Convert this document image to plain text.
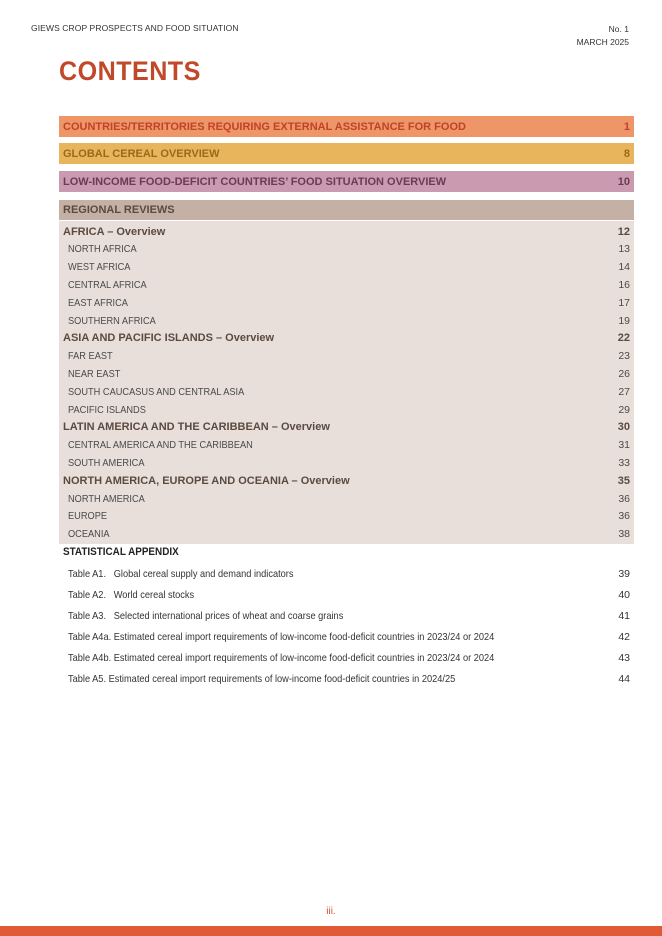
GIEWS CROP PROSPECTS AND FOOD SITUATION	No. 1
MARCH 2025
CONTENTS
COUNTRIES/TERRITORIES REQUIRING EXTERNAL ASSISTANCE FOR FOOD	1
GLOBAL CEREAL OVERVIEW	8
LOW-INCOME FOOD-DEFICIT COUNTRIES’ FOOD SITUATION OVERVIEW	10
REGIONAL REVIEWS
AFRICA – Overview	12
NORTH AFRICA	13
WEST AFRICA	14
CENTRAL AFRICA	16
EAST AFRICA	17
SOUTHERN AFRICA	19
ASIA AND PACIFIC ISLANDS – Overview	22
FAR EAST	23
NEAR EAST	26
SOUTH CAUCASUS AND CENTRAL ASIA	27
PACIFIC ISLANDS	29
LATIN AMERICA AND THE CARIBBEAN – Overview	30
CENTRAL AMERICA AND THE CARIBBEAN	31
SOUTH AMERICA	33
NORTH AMERICA, EUROPE AND OCEANIA – Overview	35
NORTH AMERICA	36
EUROPE	36
OCEANIA	38
STATISTICAL APPENDIX
Table A1.   Global cereal supply and demand indicators	39
Table A2.   World cereal stocks	40
Table A3.   Selected international prices of wheat and coarse grains	41
Table A4a. Estimated cereal import requirements of low-income food-deficit countries in 2023/24 or 2024	42
Table A4b. Estimated cereal import requirements of low-income food-deficit countries in 2023/24 or 2024	43
Table A5. Estimated cereal import requirements of low-income food-deficit countries in 2024/25	44
iii.
